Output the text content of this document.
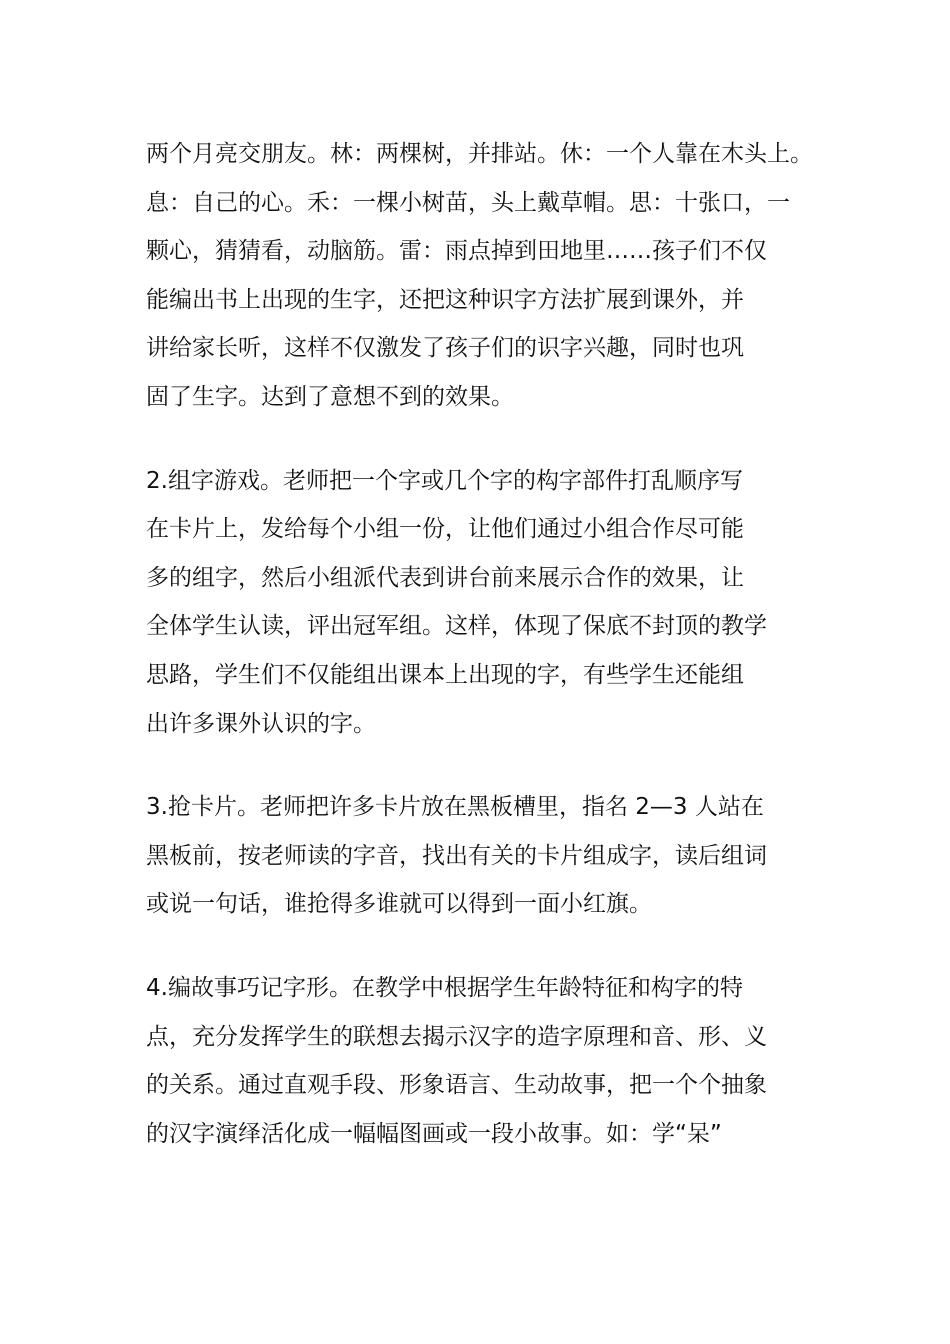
两个月亮交朋友。林：两棵树，并排站。休：一个人靠在木头上。
息：自己的心。禾：一棵小树苗，头上戴草帽。思：十张口，一
颗心，猜猜看，动脑筋。雷：雨点掉到田地里……孩子们不仅
能编出书上出现的生字，还把这种识字方法扩展到课外，并
讲给家长听，这样不仅激发了孩子们的识字兴趣，同时也巩
固了生字。达到了意想不到的效果。
2.组字游戏。老师把一个字或几个字的构字部件打乱顺序写
在卡片上，发给每个小组一份，让他们通过小组合作尽可能
多的组字，然后小组派代表到讲台前来展示合作的效果，让
全体学生认读，评出冠军组。这样，体现了保底不封顶的教学
思路，学生们不仅能组出课本上出现的字，有些学生还能组
出许多课外认识的字。
3.抢卡片。老师把许多卡片放在黑板槽里，指名 2—3 人站在
黑板前，按老师读的字音，找出有关的卡片组成字，读后组词
或说一句话，谁抢得多谁就可以得到一面小红旗。
4.编故事巧记字形。在教学中根据学生年龄特征和构字的特
点，充分发挥学生的联想去揭示汉字的造字原理和音、形、义
的关系。通过直观手段、形象语言、生动故事，把一个个抽象
的汉字演绎活化成一幅幅图画或一段小故事。如：学“呆”
